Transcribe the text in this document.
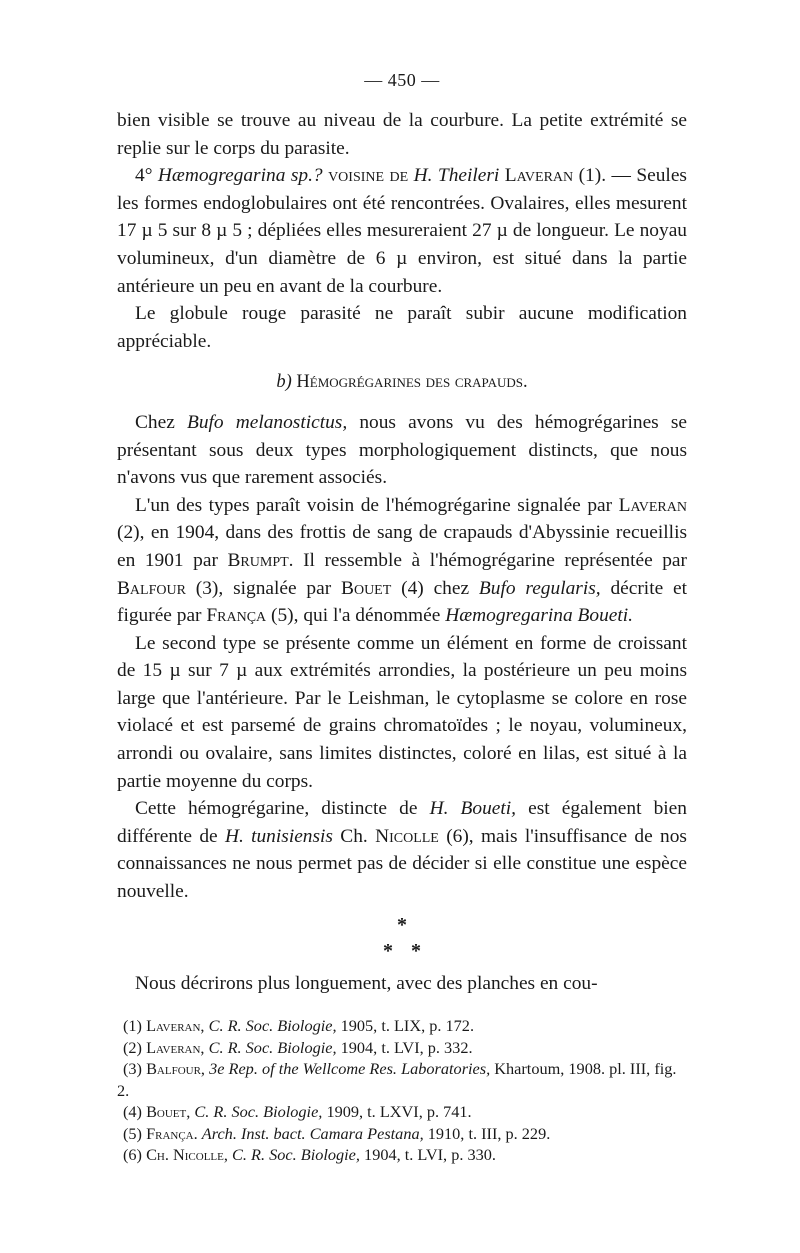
— 450 —

bien visible se trouve au niveau de la courbure. La petite extrémité se replie sur le corps du parasite.

4° Hæmogregarina sp.? voisine de H. Theileri Laveran (1). — Seules les formes endoglobulaires ont été rencontrées. Ovalaires, elles mesurent 17 µ 5 sur 8 µ 5 ; dépliées elles mesureraient 27 µ de longueur. Le noyau volumineux, d'un diamètre de 6 µ environ, est situé dans la partie antérieure un peu en avant de la courbure.

Le globule rouge parasité ne paraît subir aucune modification appréciable.

b) Hémogrégarines des crapauds.

Chez Bufo melanostictus, nous avons vu des hémogrégarines se présentant sous deux types morphologiquement distincts, que nous n'avons vus que rarement associés.

L'un des types paraît voisin de l'hémogrégarine signalée par Laveran (2), en 1904, dans des frottis de sang de crapauds d'Abyssinie recueillis en 1901 par Brumpt. Il ressemble à l'hémogrégarine représentée par Balfour (3), signalée par Bouet (4) chez Bufo regularis, décrite et figurée par França (5), qui l'a dénommée Hæmogregarina Boueti.

Le second type se présente comme un élément en forme de croissant de 15 µ sur 7 µ aux extrémités arrondies, la postérieure un peu moins large que l'antérieure. Par le Leishman, le cytoplasme se colore en rose violacé et est parsemé de grains chromatoïdes ; le noyau, volumineux, arrondi ou ovalaire, sans limites distinctes, coloré en lilas, est situé à la partie moyenne du corps.

Cette hémogrégarine, distincte de H. Boueti, est également bien différente de H. tunisiensis Ch. Nicolle (6), mais l'insuffisance de nos connaissances ne nous permet pas de décider si elle constitue une espèce nouvelle.

*
* *

Nous décrirons plus longuement, avec des planches en cou-

(1) Laveran, C. R. Soc. Biologie, 1905, t. LIX, p. 172.

(2) Laveran, C. R. Soc. Biologie, 1904, t. LVI, p. 332.

(3) Balfour, 3e Rep. of the Wellcome Res. Laboratories, Khartoum, 1908. pl. III, fig. 2.

(4) Bouet, C. R. Soc. Biologie, 1909, t. LXVI, p. 741.

(5) França. Arch. Inst. bact. Camara Pestana, 1910, t. III, p. 229.

(6) Ch. Nicolle, C. R. Soc. Biologie, 1904, t. LVI, p. 330.
